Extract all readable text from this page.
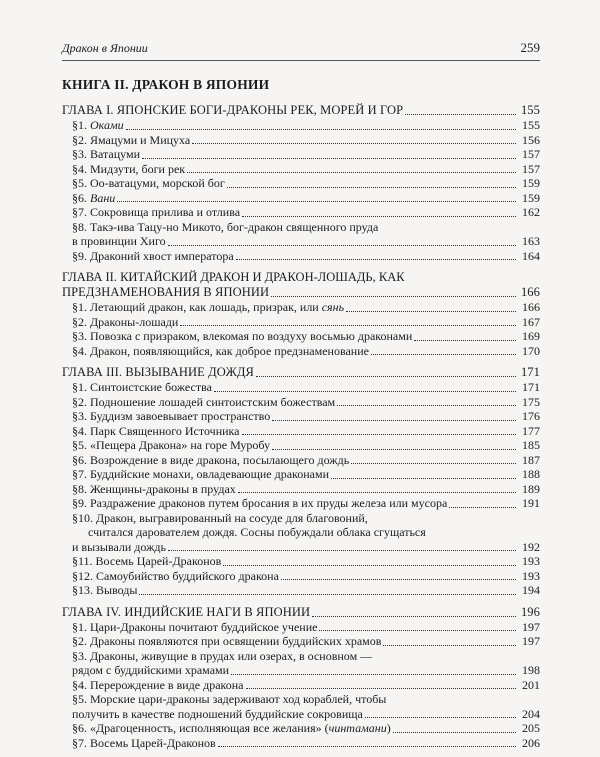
Дракон в Японии	259
КНИГА II. ДРАКОН В ЯПОНИИ
ГЛАВА I. ЯПОНСКИЕ БОГИ-ДРАКОНЫ РЕК, МОРЕЙ И ГОР	155
§1. Оками	155
§2. Ямацуми и Мицуха	156
§3. Ватацуми	157
§4. Мидзути, боги рек	157
§5. Оо-ватацуми, морской бог	159
§6. Вани	159
§7. Сокровища прилива и отлива	162
§8. Такэ-ива Тацу-но Микото, бог-дракон священного пруда
в провинции Хиго	163
§9. Драконий хвост императора	164
ГЛАВА II. КИТАЙСКИЙ ДРАКОН И ДРАКОН-ЛОШАДЬ, КАК
ПРЕДЗНАМЕНОВАНИЯ В ЯПОНИИ	166
§1. Летающий дракон, как лошадь, призрак, или сянь	166
§2. Драконы-лошади	167
§3. Повозка с призраком, влекомая по воздуху восьмью драконами	169
§4. Дракон, появляющийся, как доброе предзнаменование	170
ГЛАВА III. ВЫЗЫВАНИЕ ДОЖДЯ	171
§1. Синтоистские божества	171
§2. Подношение лошадей синтоистским божествам	175
§3. Буддизм завоевывает пространство	176
§4. Парк Священного Источника	177
§5. «Пещера Дракона» на горе Муробу	185
§6. Возрождение в виде дракона, посылающего дождь	187
§7. Буддийские монахи, овладевающие драконами	188
§8. Женщины-драконы в прудах	189
§9. Раздражение драконов путем бросания в их пруды железа или мусора	191
§10. Дракон, выгравированный на сосуде для благовоний,
считался дарователем дождя. Сосны побуждали облака сгущаться
и вызывали дождь	192
§11. Восемь Царей-Драконов	193
§12. Самоубийство буддийского дракона	193
§13. Выводы	194
ГЛАВА IV. ИНДИЙСКИЕ НАГИ В ЯПОНИИ	196
§1. Цари-Драконы почитают буддийское учение	197
§2. Драконы появляются при освящении буддийских храмов	197
§3. Драконы, живущие в прудах или озерах, в основном —
рядом с буддийскими храмами	198
§4. Перерождение в виде дракона	201
§5. Морские цари-драконы задерживают ход кораблей, чтобы
получить в качестве подношений буддийские сокровища	204
§6. «Драгоценность, исполняющая все желания» (чинтамани)	205
§7. Восемь Царей-Драконов	206
